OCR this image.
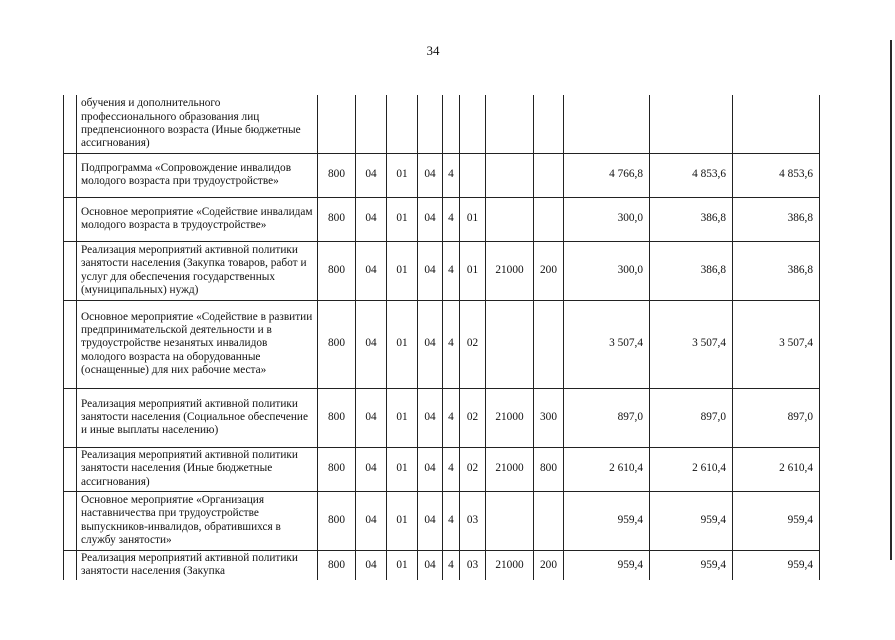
34
	обучения и дополнительного профессионального образования лиц предпенсионного возраста (Иные бюджетные ассигнования)											
	Подпрограмма «Сопровождение инвалидов молодого возраста при трудоустройстве»	800	04	01	04	4				4 766,8	4 853,6	4 853,6
	Основное мероприятие «Содействие инвалидам молодого возраста в трудоустройстве»	800	04	01	04	4	01			300,0	386,8	386,8
	Реализация мероприятий активной политики занятости населения (Закупка товаров, работ и услуг для обеспечения государственных (муниципальных) нужд)	800	04	01	04	4	01	21000	200	300,0	386,8	386,8
	Основное мероприятие «Содействие в развитии предпринимательской деятельности и в трудоустройстве незанятых инвалидов молодого возраста на оборудованные (оснащенные) для них рабочие места»	800	04	01	04	4	02			3 507,4	3 507,4	3 507,4
	Реализация мероприятий активной политики занятости населения (Социальное обеспечение и иные выплаты населению)	800	04	01	04	4	02	21000	300	897,0	897,0	897,0
	Реализация мероприятий активной политики занятости населения (Иные бюджетные ассигнования)	800	04	01	04	4	02	21000	800	2 610,4	2 610,4	2 610,4
	Основное мероприятие «Организация наставничества при трудоустройстве выпускников-инвалидов, обратившихся в службу занятости»	800	04	01	04	4	03			959,4	959,4	959,4
	Реализация мероприятий активной политики занятости населения (Закупка	800	04	01	04	4	03	21000	200	959,4	959,4	959,4
